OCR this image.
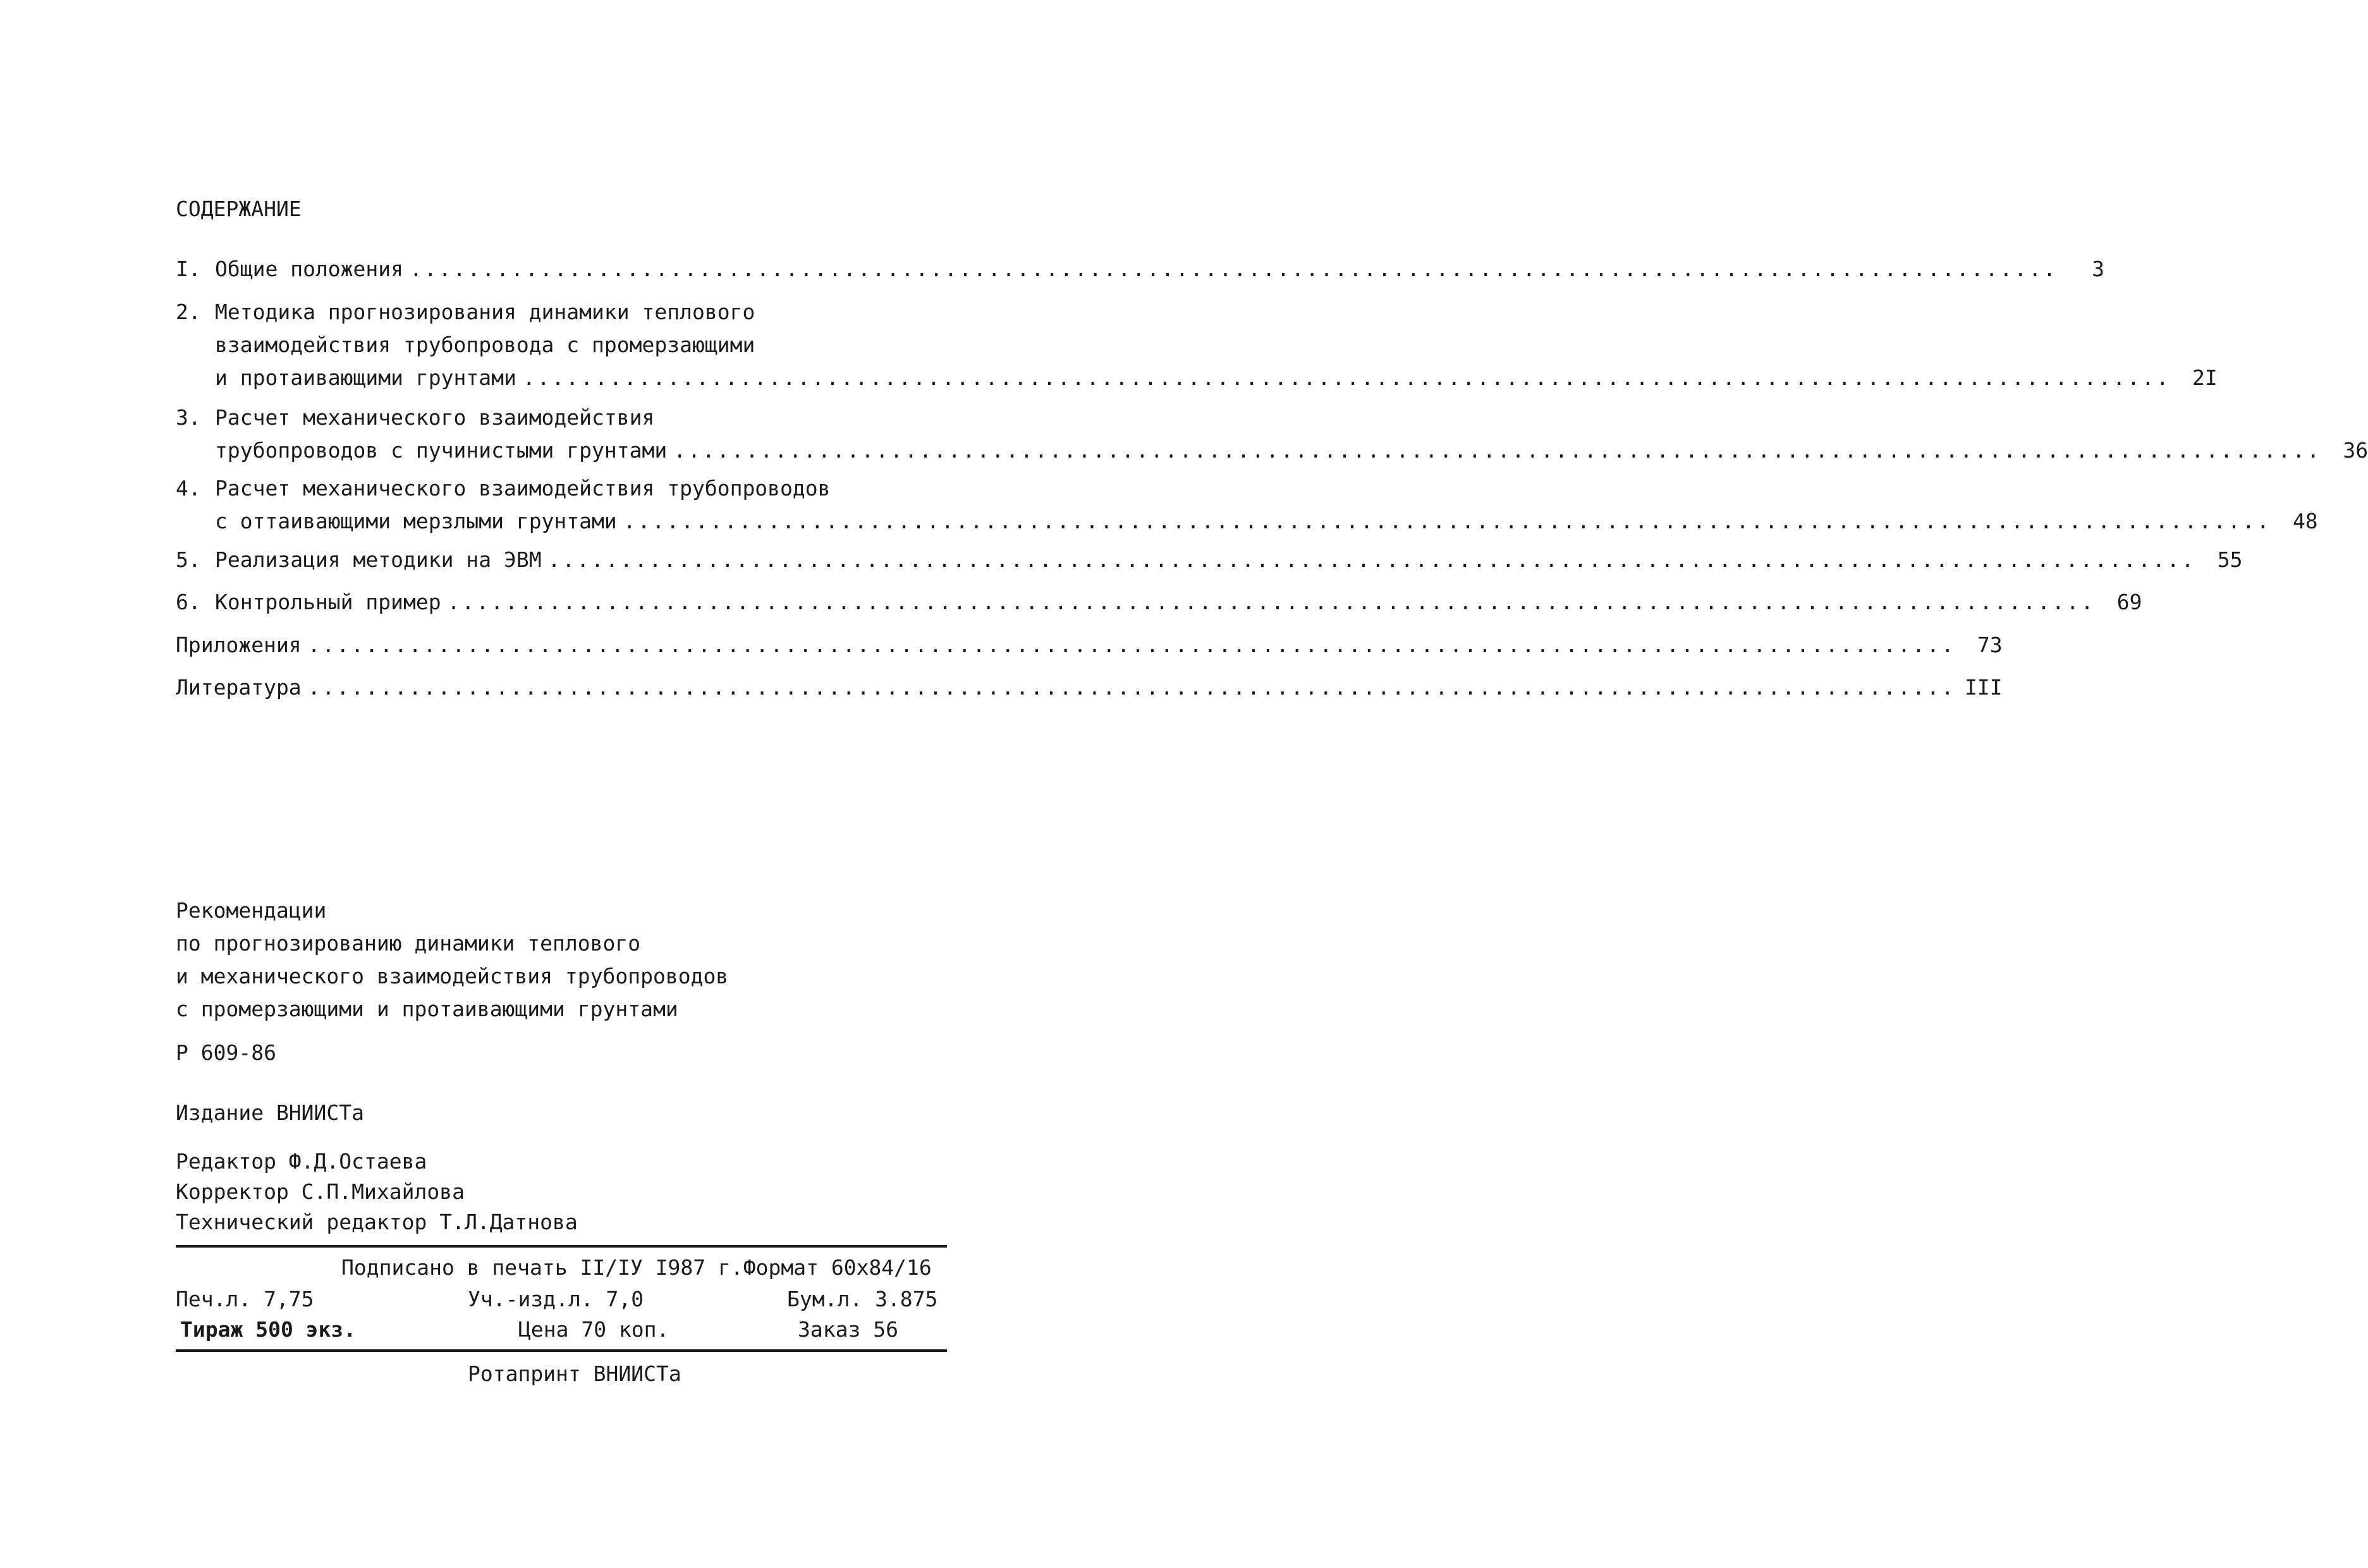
СОДЕРЖАНИЕ
I. Общие положения ..................................................................................................................	3
2. Методика прогнозирования динамики теплового
взаимодействия трубопровода с промерзающими
и протаивающими грунтами ..................................................................................................................	2I
3. Расчет механического взаимодействия
трубопроводов с пучинистыми грунтами ..................................................................................................................	36
4. Расчет механического взаимодействия трубопроводов
с оттаивающими мерзлыми грунтами ..................................................................................................................	48
5. Реализация методики на ЭВМ ..................................................................................................................	55
6. Контрольный пример ..................................................................................................................	69
Приложения ..................................................................................................................	73
Литература .................................................................................................................. III
Рекомендации
по прогнозированию динамики теплового
и механического взаимодействия трубопроводов
с промерзающими и протаивающими грунтами
Р 609-86
Издание ВНИИСТа
Редактор Ф.Д.Остаева
Корректор С.П.Михайлова
Технический редактор Т.Л.Датнова
Подписано в печать II/IУ I987 г.Формат 60х84/16
Печ.л. 7,75	Уч.-изд.л. 7,0	Бум.л. 3.875
Тираж 500 экз.	Цена 70 коп.	Заказ 56
Ротапринт ВНИИСТа
